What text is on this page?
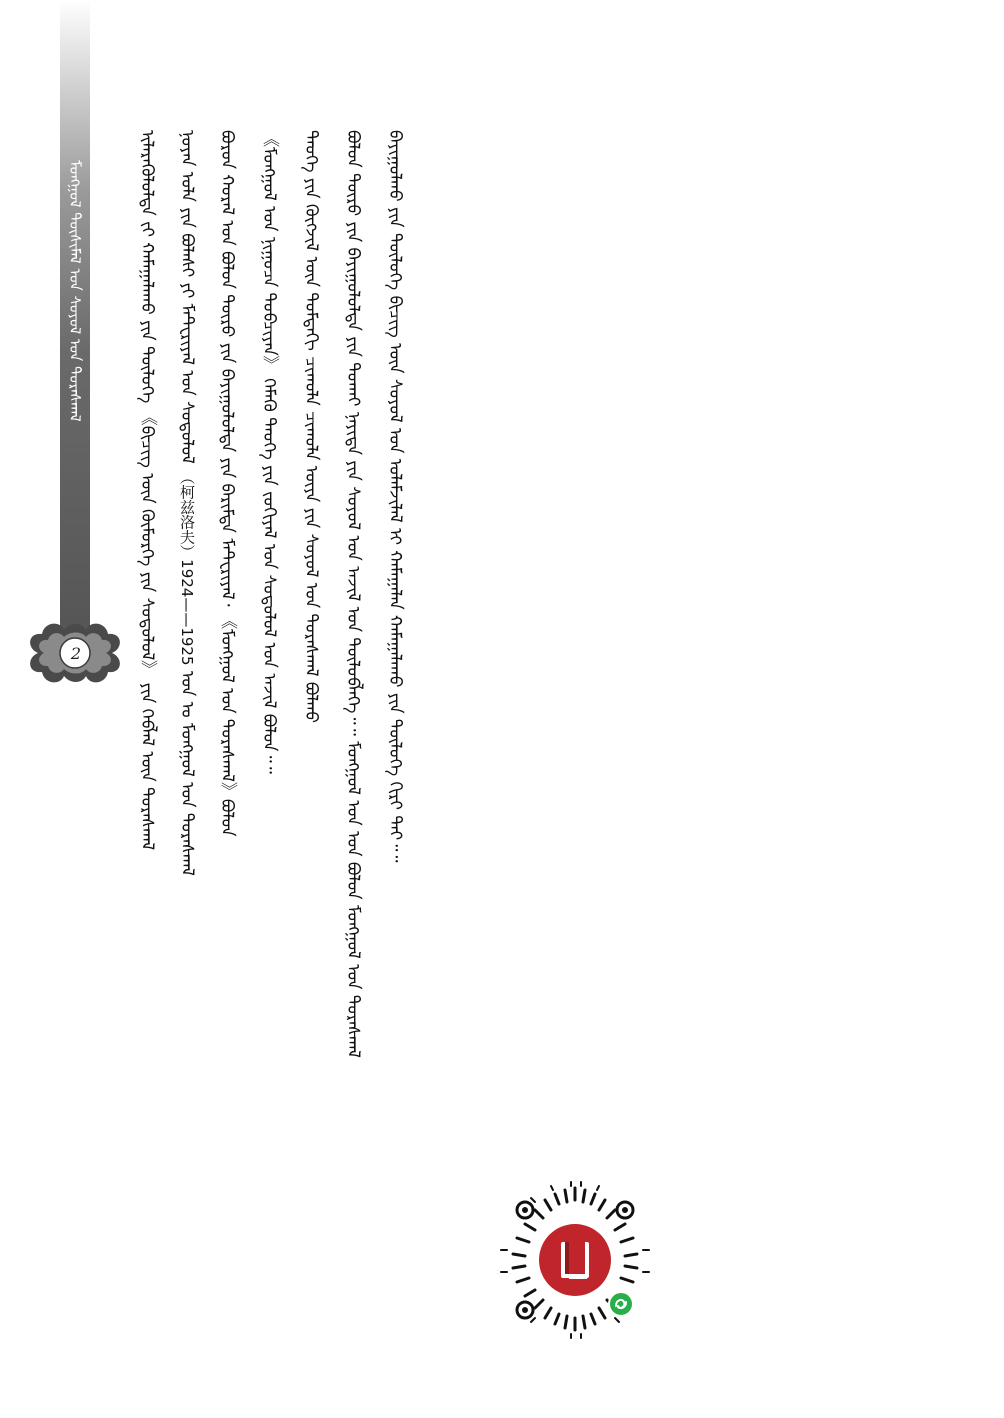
ᠮᠣᠩᠭᠣᠯ ᠲᠦᠰᠢᠮᠡᠯ ᠤᠨ ᠰᠣᠶᠤᠯ ᠤᠨ ᠳᠤᠷᠠᠰᠬᠠᠯ
2	ᠪᠠᠶᠢᠭᠤᠯᠬᠤ ᠶᠢᠨ ᠲᠥᠯᠥᠭᠡ ᠪᠢᠴᠢᠭ ᠦᠨ ᠰᠣᠶᠤᠯ ᠤᠨ ᠤᠯᠠᠮᠵᠢᠯᠠᠯ ᠢ ᠬᠠᠮᠠᠭᠠᠯᠠᠨ ᠬᠠᠮᠠᠭᠠᠯᠠᠬᠤ ᠶᠢᠨ ᠲᠥᠯᠥᠭᠡ ᠬᠢᠷᠢ ᠲᠠᠢ᠃᠃
ᠪᠣᠯᠣᠨ ᠲᠥᠷᠥ ᠶᠢᠨ ᠪᠠᠶᠢᠭᠤᠯᠤᠯᠲᠠ ᠶᠢᠨ ᠲᠤᠬᠠᠢ ᠨᠡᠶᠢᠲᠡ ᠶᠢᠨ ᠰᠣᠶᠤᠯ ᠤᠨ ᠠᠵᠢᠯ ᠤᠨ ᠲᠥᠯᠥᠪᠯᠡᠭᠡ᠃᠃ ᠮᠣᠩᠭᠣᠯ ᠤᠨ ᠤᠨ ᠪᠣᠯᠤᠨ ᠮᠣᠩᠭᠣᠯ ᠤᠨ ᠳᠤᠷᠠᠰᠬᠠᠯ
ᠲᠡᠦᠬᠡ ᠶᠢᠨ ᠬᠥᠭᠵᠢᠯ ᠦᠨ ᠳᠤᠮᠳᠠᠬᠢ ᠴᠢᠬᠤᠯᠠ ᠴᠢᠬᠤᠯᠠ ᠦᠶᠡ ᠶᠢᠨ ᠰᠣᠶᠤᠯ ᠤᠨ ᠳᠤᠷᠠᠰᠬᠠᠯ ᠪᠣᠯᠬᠤ
《ᠮᠣᠩᠭᠣᠯ ᠤᠨ ᠨᠢᠭᠤᠴᠠ ᠲᠣᠪᠴᠢᠶᠠᠨ》 ᠬᠡᠮᠡᠬᠦ ᠲᠡᠦᠬᠡ ᠶᠢᠨ ᠵᠣᠬᠢᠶᠠᠯ ᠤᠨ ᠰᠤᠳᠤᠯᠤᠯ ᠤᠨ ᠠᠵᠢᠯ ᠪᠣᠯᠤᠨ᠃᠃
ᠪᠣᠷᠣᠨ ᠬᠤᠷᠠᠯ ᠤᠨ ᠪᠣᠯᠣᠨ ᠲᠥᠷᠥ ᠶᠢᠨ ᠪᠠᠶᠢᠭᠤᠯᠤᠯᠲᠠ ᠶᠢᠨ ᠪᠠᠷᠢᠮᠲᠠ ᠮᠠᠲᠸᠷᠢᠶᠠᠯ᠂ 《ᠮᠣᠩᠭᠣᠯ ᠤᠨ ᠳᠤᠷᠠᠰᠬᠠᠯ》ᠪᠣᠯᠤᠨ
ᠨᠣᠶᠠᠨ ᠤᠯᠠ ᠶᠢᠨ ᠪᠤᠯᠠᠰᠢ ᠶᠢ ᠮᠠᠲᠸᠷᠢᠶᠠᠯ ᠤᠨ ᠰᠤᠳᠤᠯᠤᠯ （柯兹洛夫）1924——1925 ᠣᠨ ᠤ ᠮᠣᠩᠭᠣᠯ ᠤᠨ ᠳᠤᠷᠠᠰᠬᠠᠯ
ᠢᠯᠡᠷᠡᠭᠦᠯᠦᠯᠲᠡ ᠵᠢ ᠬᠠᠮᠠᠭᠠᠯᠠᠬᠤ ᠶᠢᠨ ᠲᠥᠯᠥᠭᠡ 《ᠪᠢᠴᠢᠭ ᠦᠨ ᠬᠥᠮᠥᠷᠭᠡ ᠶᠢᠨ ᠰᠤᠳᠤᠯᠤᠯ》 ᠶᠢᠨ ᠬᠡᠪᠯᠡᠯ ᠦᠨ ᠳᠤᠷᠠᠰᠬᠠᠯ
